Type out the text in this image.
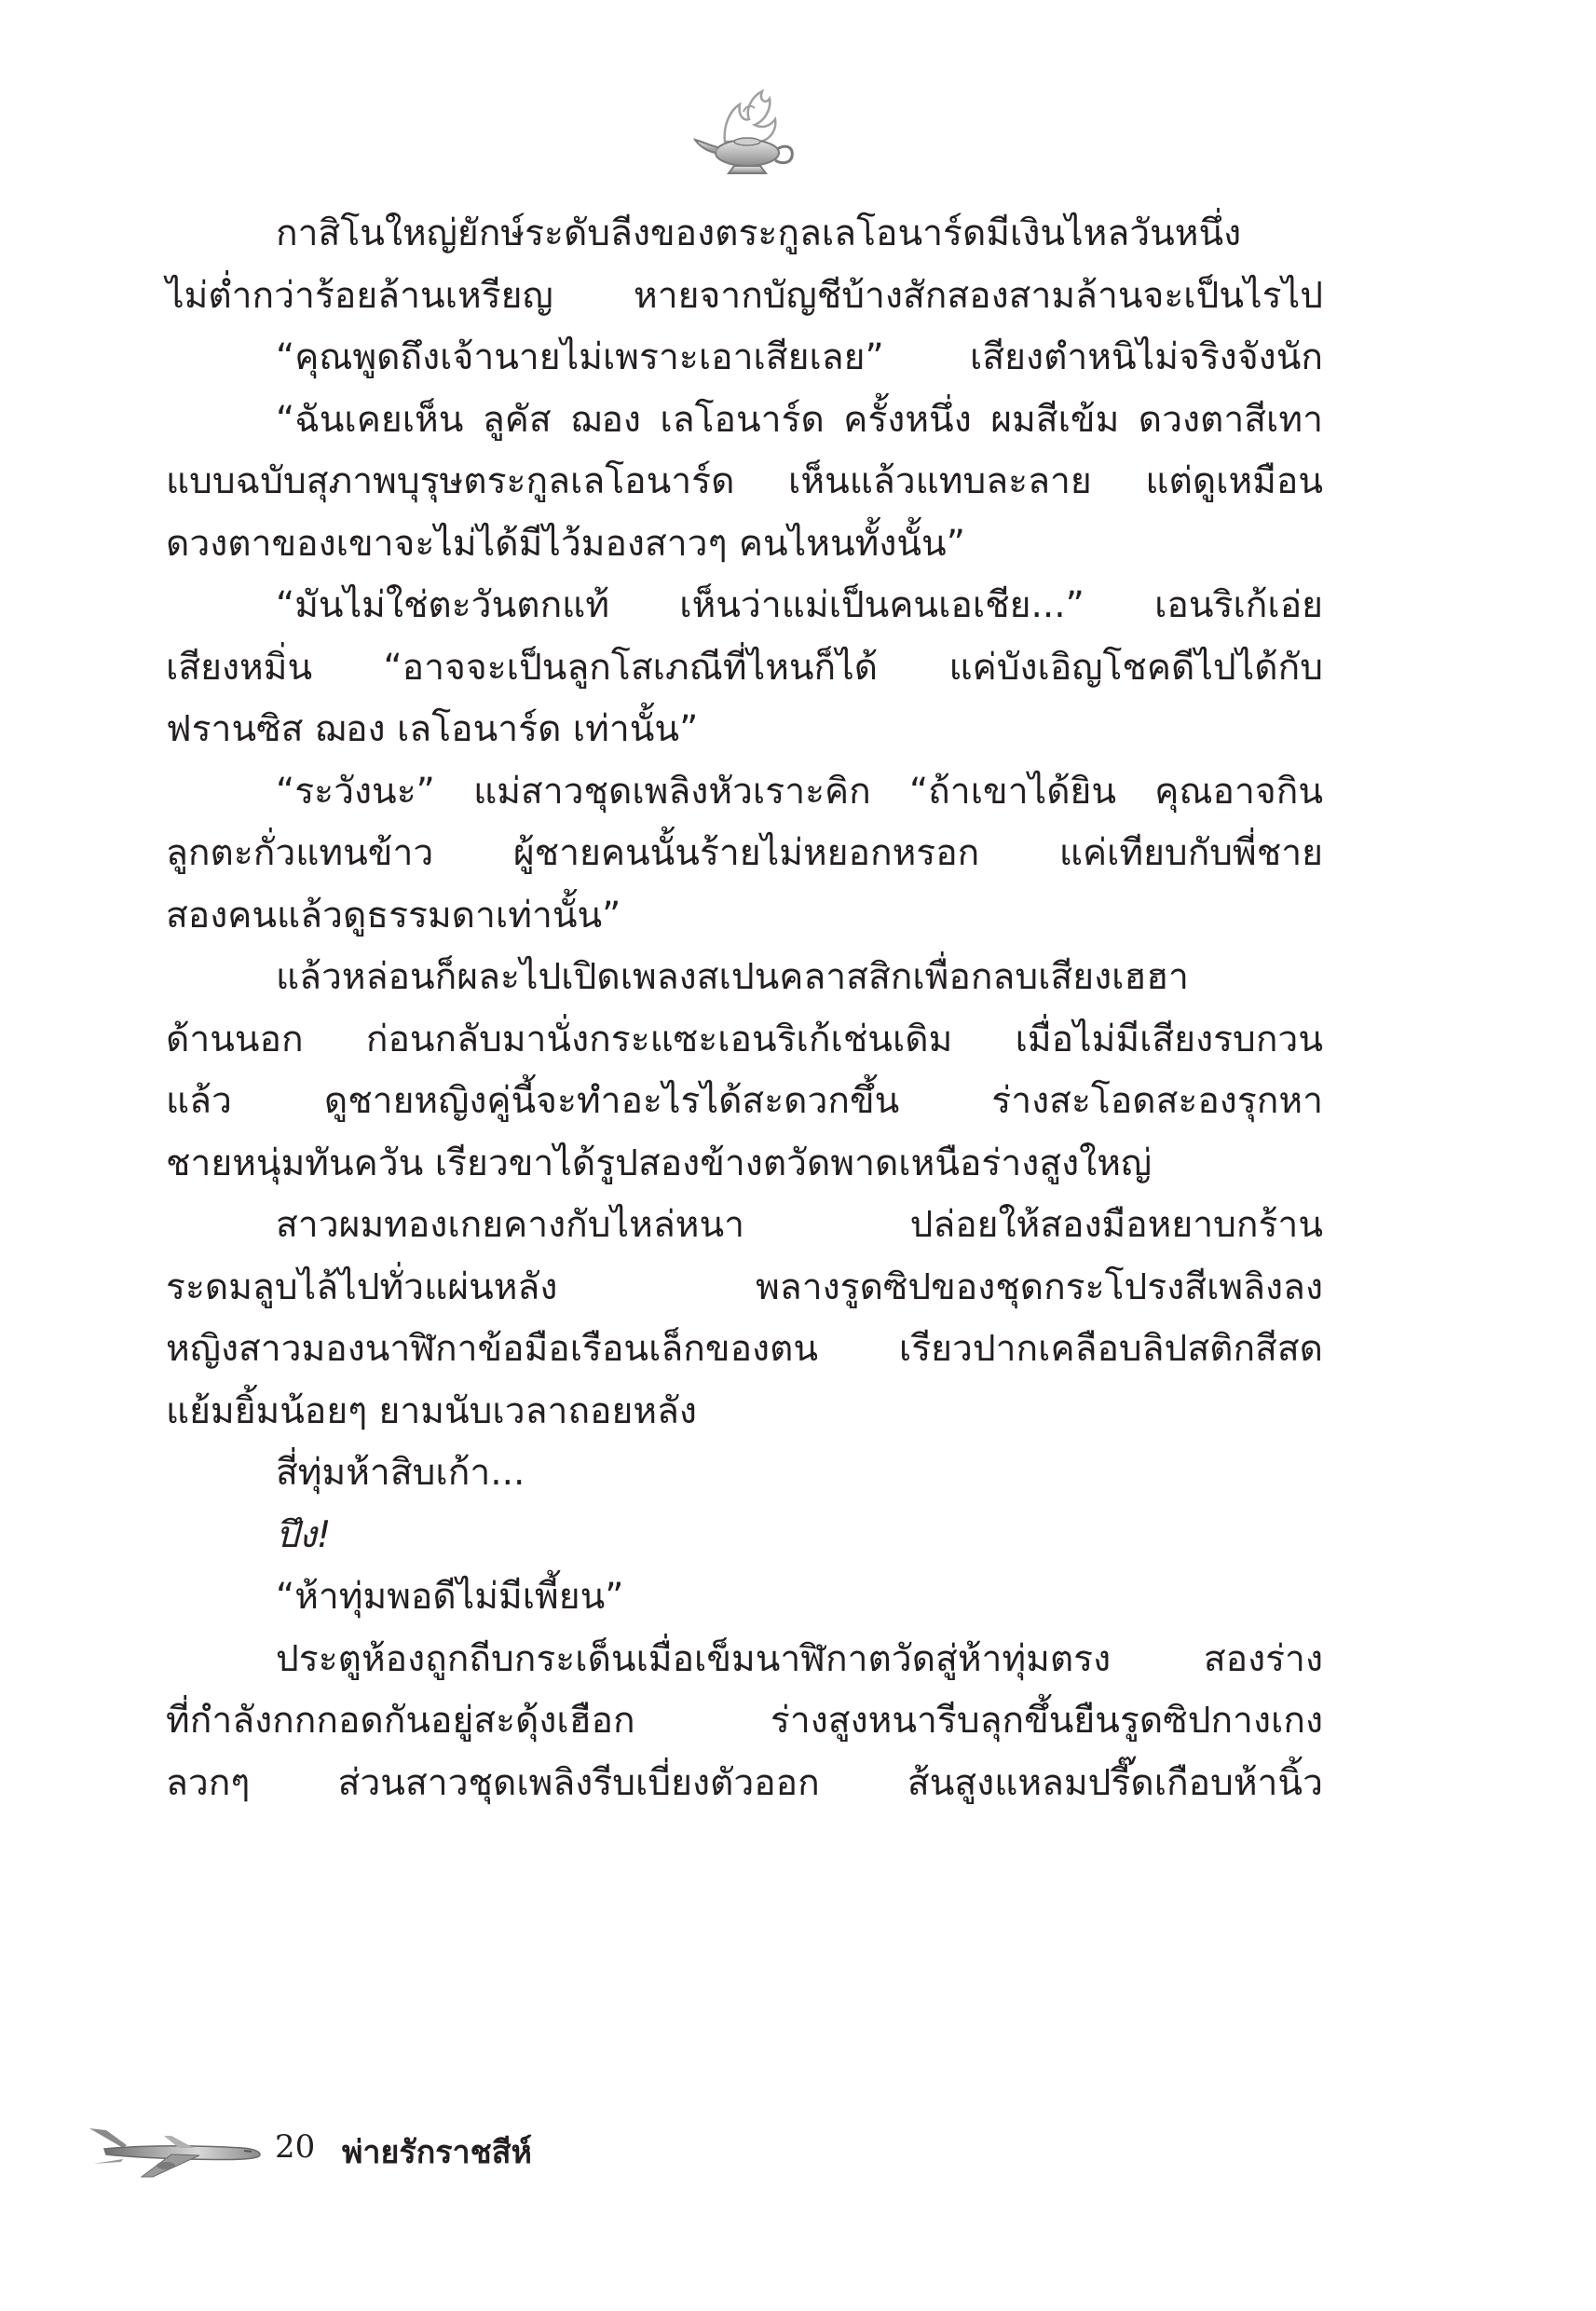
กาสิโนใหญ่ยักษ์ระดับลีงของตระกูลเลโอนาร์ดมีเงินไหลวันหนึ่ง
ไม่ต่ำกว่าร้อยล้านเหรียญ หายจากบัญชีบ้างสักสองสามล้านจะเป็นไรไป
“คุณพูดถึงเจ้านายไม่เพราะเอาเสียเลย” เสียงตำหนิไม่จริงจังนัก
“ฉันเคยเห็น ลูคัส ฌอง เลโอนาร์ด ครั้งหนึ่ง ผมสีเข้ม ดวงตาสีเทา
แบบฉบับสุภาพบุรุษตระกูลเลโอนาร์ด เห็นแล้วแทบละลาย แต่ดูเหมือน
ดวงตาของเขาจะไม่ได้มีไว้มองสาวๆ คนไหนทั้งนั้น”
“มันไม่ใช่ตะวันตกแท้ เห็นว่าแม่เป็นคนเอเชีย...” เอนริเก้เอ่ย
เสียงหมิ่น “อาจจะเป็นลูกโสเภณีที่ไหนก็ได้ แค่บังเอิญโชคดีไปได้กับ
ฟรานซิส ฌอง เลโอนาร์ด เท่านั้น”
“ระวังนะ” แม่สาวชุดเพลิงหัวเราะคิก “ถ้าเขาได้ยิน คุณอาจกิน
ลูกตะกั่วแทนข้าว ผู้ชายคนนั้นร้ายไม่หยอกหรอก แค่เทียบกับพี่ชาย
สองคนแล้วดูธรรมดาเท่านั้น”
แล้วหล่อนก็ผละไปเปิดเพลงสเปนคลาสสิกเพื่อกลบเสียงเฮฮา
ด้านนอก ก่อนกลับมานั่งกระแซะเอนริเก้เช่นเดิม เมื่อไม่มีเสียงรบกวน
แล้ว ดูชายหญิงคู่นี้จะทำอะไรได้สะดวกขึ้น ร่างสะโอดสะองรุกหา
ชายหนุ่มทันควัน เรียวขาได้รูปสองข้างตวัดพาดเหนือร่างสูงใหญ่
สาวผมทองเกยคางกับไหล่หนา ปล่อยให้สองมือหยาบกร้าน
ระดมลูบไล้ไปทั่วแผ่นหลัง พลางรูดซิปของชุดกระโปรงสีเพลิงลง
หญิงสาวมองนาฬิกาข้อมือเรือนเล็กของตน เรียวปากเคลือบลิปสติกสีสด
แย้มยิ้มน้อยๆ ยามนับเวลาถอยหลัง
สี่ทุ่มห้าสิบเก้า...
ปึง!
“ห้าทุ่มพอดีไม่มีเพี้ยน”
ประตูห้องถูกถีบกระเด็นเมื่อเข็มนาฬิกาตวัดสู่ห้าทุ่มตรง สองร่าง
ที่กำลังกกกอดกันอยู่สะดุ้งเฮือก ร่างสูงหนารีบลุกขึ้นยืนรูดซิปกางเกง
ลวกๆ ส่วนสาวชุดเพลิงรีบเบี่ยงตัวออก ส้นสูงแหลมปรี๊ดเกือบห้านิ้ว
20 พ่ายรักราชสีห์
